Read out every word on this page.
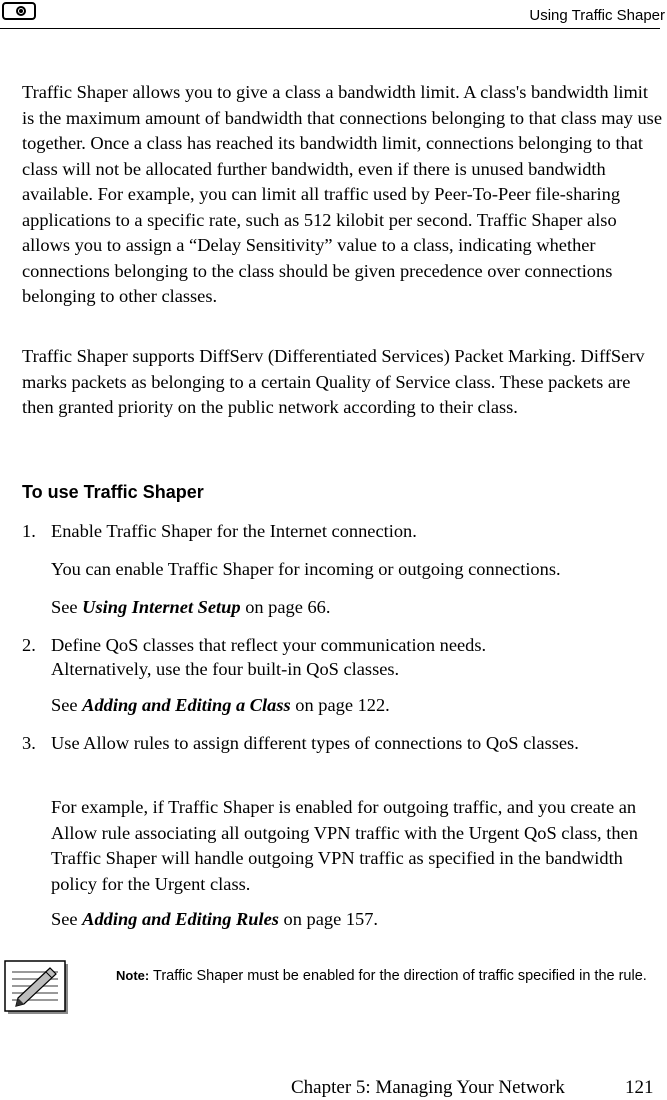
Using Traffic Shaper

Traffic Shaper allows you to give a class a bandwidth limit. A class's bandwidth limit is the maximum amount of bandwidth that connections belonging to that class may use together. Once a class has reached its bandwidth limit, connections belonging to that class will not be allocated further bandwidth, even if there is unused bandwidth available. For example, you can limit all traffic used by Peer-To-Peer file-sharing applications to a specific rate, such as 512 kilobit per second. Traffic Shaper also allows you to assign a “Delay Sensitivity” value to a class, indicating whether connections belonging to the class should be given precedence over connections belonging to other classes.

Traffic Shaper supports DiffServ (Differentiated Services) Packet Marking. DiffServ marks packets as belonging to a certain Quality of Service class. These packets are then granted priority on the public network according to their class.

To use Traffic Shaper
1. Enable Traffic Shaper for the Internet connection.
You can enable Traffic Shaper for incoming or outgoing connections.
See Using Internet Setup on page 66.
2. Define QoS classes that reflect your communication needs. Alternatively, use the four built-in QoS classes.
See Adding and Editing a Class on page 122.
3. Use Allow rules to assign different types of connections to QoS classes.
For example, if Traffic Shaper is enabled for outgoing traffic, and you create an Allow rule associating all outgoing VPN traffic with the Urgent QoS class, then Traffic Shaper will handle outgoing VPN traffic as specified in the bandwidth policy for the Urgent class.
See Adding and Editing Rules on page 157.
Note: Traffic Shaper must be enabled for the direction of traffic specified in the rule.
Chapter 5: Managing Your Network	121
